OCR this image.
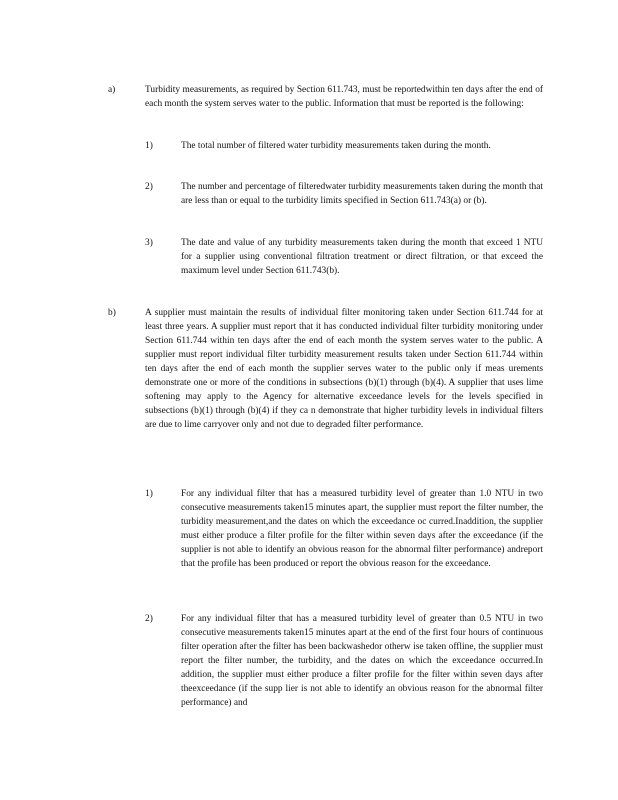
a)	Turbidity measurements, as required by Section 611.743, must be reportedwithin ten days after the end of each month the system serves water to the public. Information that must be reported is the following:
1)	The total number of filtered water turbidity measurements taken during the month.
2)	The number and percentage of filteredwater turbidity measurements taken during the month that are less than or equal to the turbidity limits specified in Section 611.743(a) or (b).
3)	The date and value of any turbidity measurements taken during the month that exceed 1 NTU for a supplier using conventional filtration treatment or direct filtration, or that exceed the maximum level under Section 611.743(b).
b)	A supplier must maintain the results of individual filter monitoring taken under Section 611.744 for at least three years. A supplier must report that it has conducted individual filter turbidity monitoring under Section 611.744 within ten days after the end of each month the system serves water to the public. A supplier must report individual filter turbidity measurement results taken under Section 611.744 within ten days after the end of each month the supplier serves water to the public only if meas urements demonstrate one or more of the conditions in subsections (b)(1) through (b)(4). A supplier that uses lime softening may apply to the Agency for alternative exceedance levels for the levels specified in subsections (b)(1) through (b)(4) if they ca n demonstrate that higher turbidity levels in individual filters are due to lime carryover only and not due to degraded filter performance.
1)	For any individual filter that has a measured turbidity level of greater than 1.0 NTU in two consecutive measurements taken15 minutes apart, the supplier must report the filter number, the turbidity measurement,and the dates on which the exceedance oc curred.Inaddition, the supplier must either produce a filter profile for the filter within seven days after the exceedance (if the supplier is not able to identify an obvious reason for the abnormal filter performance) andreport that the profile has been produced or report the obvious reason for the exceedance.
2)	For any individual filter that has a measured turbidity level of greater than 0.5 NTU in two consecutive measurements taken15 minutes apart at the end of the first four hours of continuous filter operation after the filter has been backwashedor otherw ise taken offline, the supplier must report the filter number, the turbidity, and the dates on which the exceedance occurred.In addition, the supplier must either produce a filter profile for the filter within seven days after theexceedance (if the supp lier is not able to identify an obvious reason for the abnormal filter performance) and
